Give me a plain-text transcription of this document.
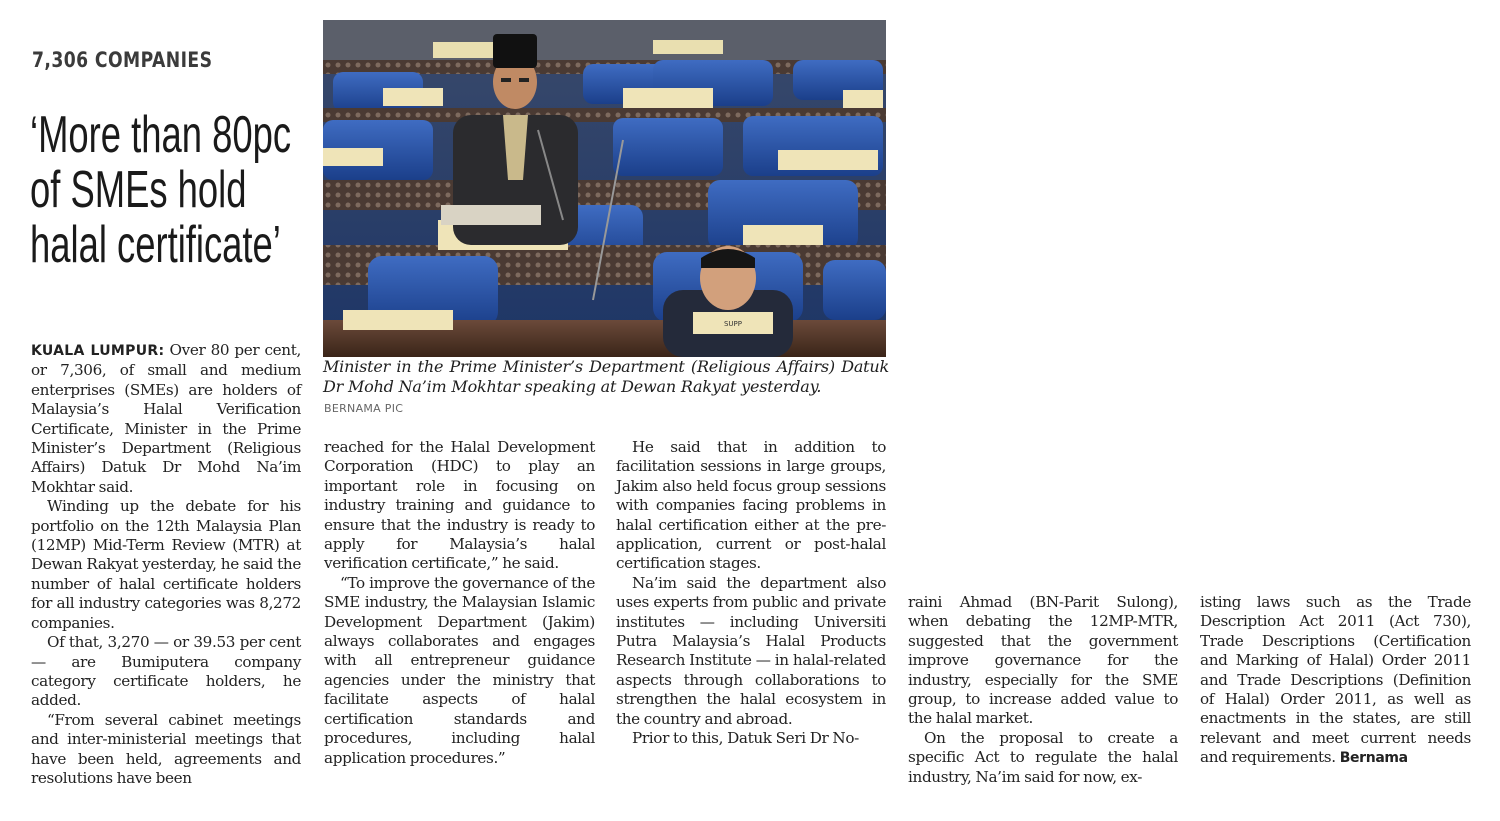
7,306 COMPANIES
‘More than 80pc of SMEs hold halal certificate’
SUPP
Minister in the Prime Minister’s Department (Religious Affairs) Datuk Dr Mohd Na’im Mokhtar speaking at Dewan Rakyat yesterday.
BERNAMA PIC

KUALA LUMPUR: Over 80 per cent, or 7,306, of small and medium enterprises (SMEs) are holders of Malaysia’s Halal Verification Certificate, Minister in the Prime Minister’s Department (Religious Affairs) Datuk Dr Mohd Na’im Mokhtar said.

Winding up the debate for his portfolio on the 12th Malaysia Plan (12MP) Mid-Term Review (MTR) at Dewan Rakyat yesterday, he said the number of halal certificate holders for all industry categories was 8,272 companies.

Of that, 3,270 — or 39.53 per cent — are Bumiputera company category certificate holders, he added.

“From several cabinet meetings and inter-ministerial meetings that have been held, agreements and resolutions have been

reached for the Halal Development Corporation (HDC) to play an important role in focusing on industry training and guidance to ensure that the industry is ready to apply for Malaysia’s halal verification certificate,” he said.

“To improve the governance of the SME industry, the Malaysian Islamic Development Department (Jakim) always collaborates and engages with all entrepreneur guidance agencies under the ministry that facilitate aspects of halal certification standards and procedures, including halal application procedures.”

He said that in addition to facilitation sessions in large groups, Jakim also held focus group sessions with companies facing problems in halal certification either at the pre-application, current or post-halal certification stages.

Na’im said the department also uses experts from public and private institutes — including Universiti Putra Malaysia’s Halal Products Research Institute — in halal-related aspects through collaborations to strengthen the halal ecosystem in the country and abroad.

Prior to this, Datuk Seri Dr No-

raini Ahmad (BN-Parit Sulong), when debating the 12MP-MTR, suggested that the government improve governance for the industry, especially for the SME group, to increase added value to the halal market.

On the proposal to create a specific Act to regulate the halal industry, Na’im said for now, ex-

isting laws such as the Trade Description Act 2011 (Act 730), Trade Descriptions (Certification and Marking of Halal) Order 2011 and Trade Descriptions (Definition of Halal) Order 2011, as well as enactments in the states, are still relevant and meet current needs and requirements. Bernama
